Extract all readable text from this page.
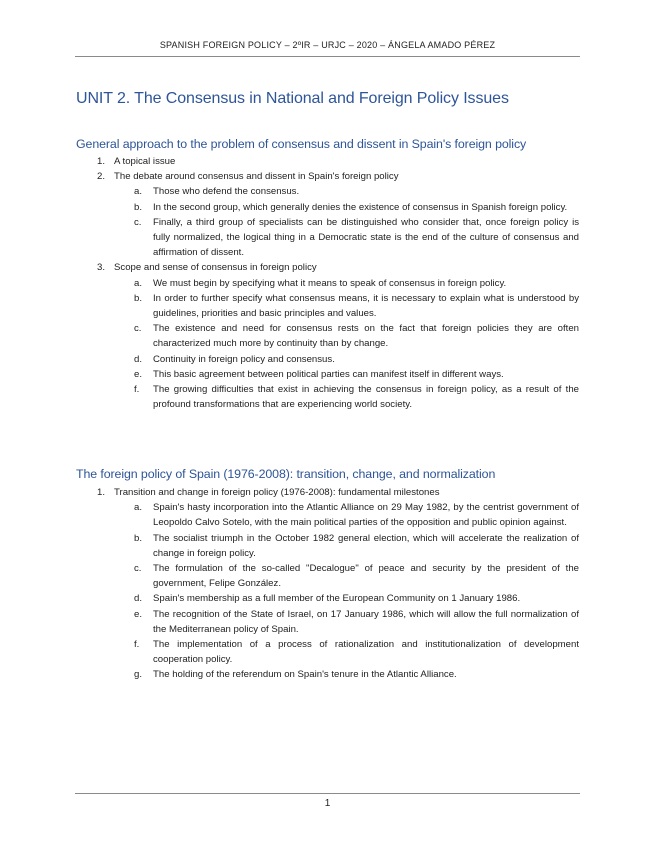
SPANISH FOREIGN POLICY – 2ºIR – URJC – 2020 – ÁNGELA AMADO PÉREZ
UNIT 2. The Consensus in National and Foreign Policy Issues
General approach to the problem of consensus and dissent in Spain's foreign policy
1. A topical issue
2. The debate around consensus and dissent in Spain's foreign policy
a. Those who defend the consensus.
b. In the second group, which generally denies the existence of consensus in Spanish foreign policy.
c. Finally, a third group of specialists can be distinguished who consider that, once foreign policy is fully normalized, the logical thing in a Democratic state is the end of the culture of consensus and affirmation of dissent.
3. Scope and sense of consensus in foreign policy
a. We must begin by specifying what it means to speak of consensus in foreign policy.
b. In order to further specify what consensus means, it is necessary to explain what is understood by guidelines, priorities and basic principles and values.
c. The existence and need for consensus rests on the fact that foreign policies they are often characterized much more by continuity than by change.
d. Continuity in foreign policy and consensus.
e. This basic agreement between political parties can manifest itself in different ways.
f. The growing difficulties that exist in achieving the consensus in foreign policy, as a result of the profound transformations that are experiencing world society.
The foreign policy of Spain (1976-2008): transition, change, and normalization
1. Transition and change in foreign policy (1976-2008): fundamental milestones
a. Spain's hasty incorporation into the Atlantic Alliance on 29 May 1982, by the centrist government of Leopoldo Calvo Sotelo, with the main political parties of the opposition and public opinion against.
b. The socialist triumph in the October 1982 general election, which will accelerate the realization of change in foreign policy.
c. The formulation of the so-called "Decalogue" of peace and security by the president of the government, Felipe González.
d. Spain's membership as a full member of the European Community on 1 January 1986.
e. The recognition of the State of Israel, on 17 January 1986, which will allow the full normalization of the Mediterranean policy of Spain.
f. The implementation of a process of rationalization and institutionalization of development cooperation policy.
g. The holding of the referendum on Spain's tenure in the Atlantic Alliance.
1
